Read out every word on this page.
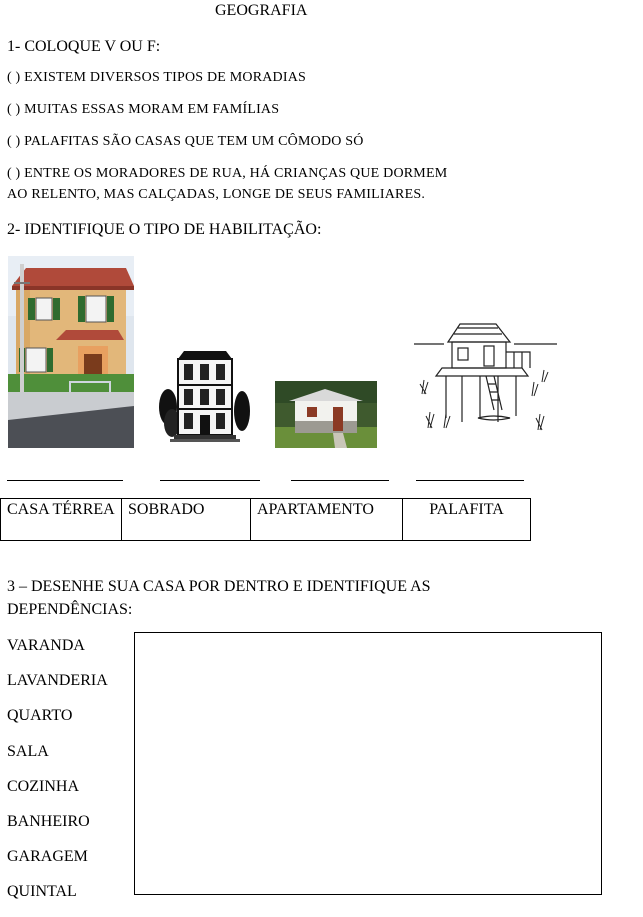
GEOGRAFIA
1- COLOQUE V OU F:
( ) EXISTEM DIVERSOS TIPOS DE MORADIAS
( ) MUITAS ESSAS MORAM EM FAMÍLIAS
( ) PALAFITAS SÃO CASAS QUE TEM UM CÔMODO SÓ
( ) ENTRE OS MORADORES DE RUA, HÁ CRIANÇAS QUE DORMEM
AO RELENTO, MAS CALÇADAS, LONGE DE SEUS FAMILIARES.
2- IDENTIFIQUE O TIPO DE HABILITAÇÃO:
CASA TÉRREA	SOBRADO	APARTAMENTO	PALAFITA
3 – DESENHE SUA CASA POR DENTRO E IDENTIFIQUE AS
DEPENDÊNCIAS:
VARANDA
LAVANDERIA
QUARTO
SALA
COZINHA
BANHEIRO
GARAGEM
QUINTAL
